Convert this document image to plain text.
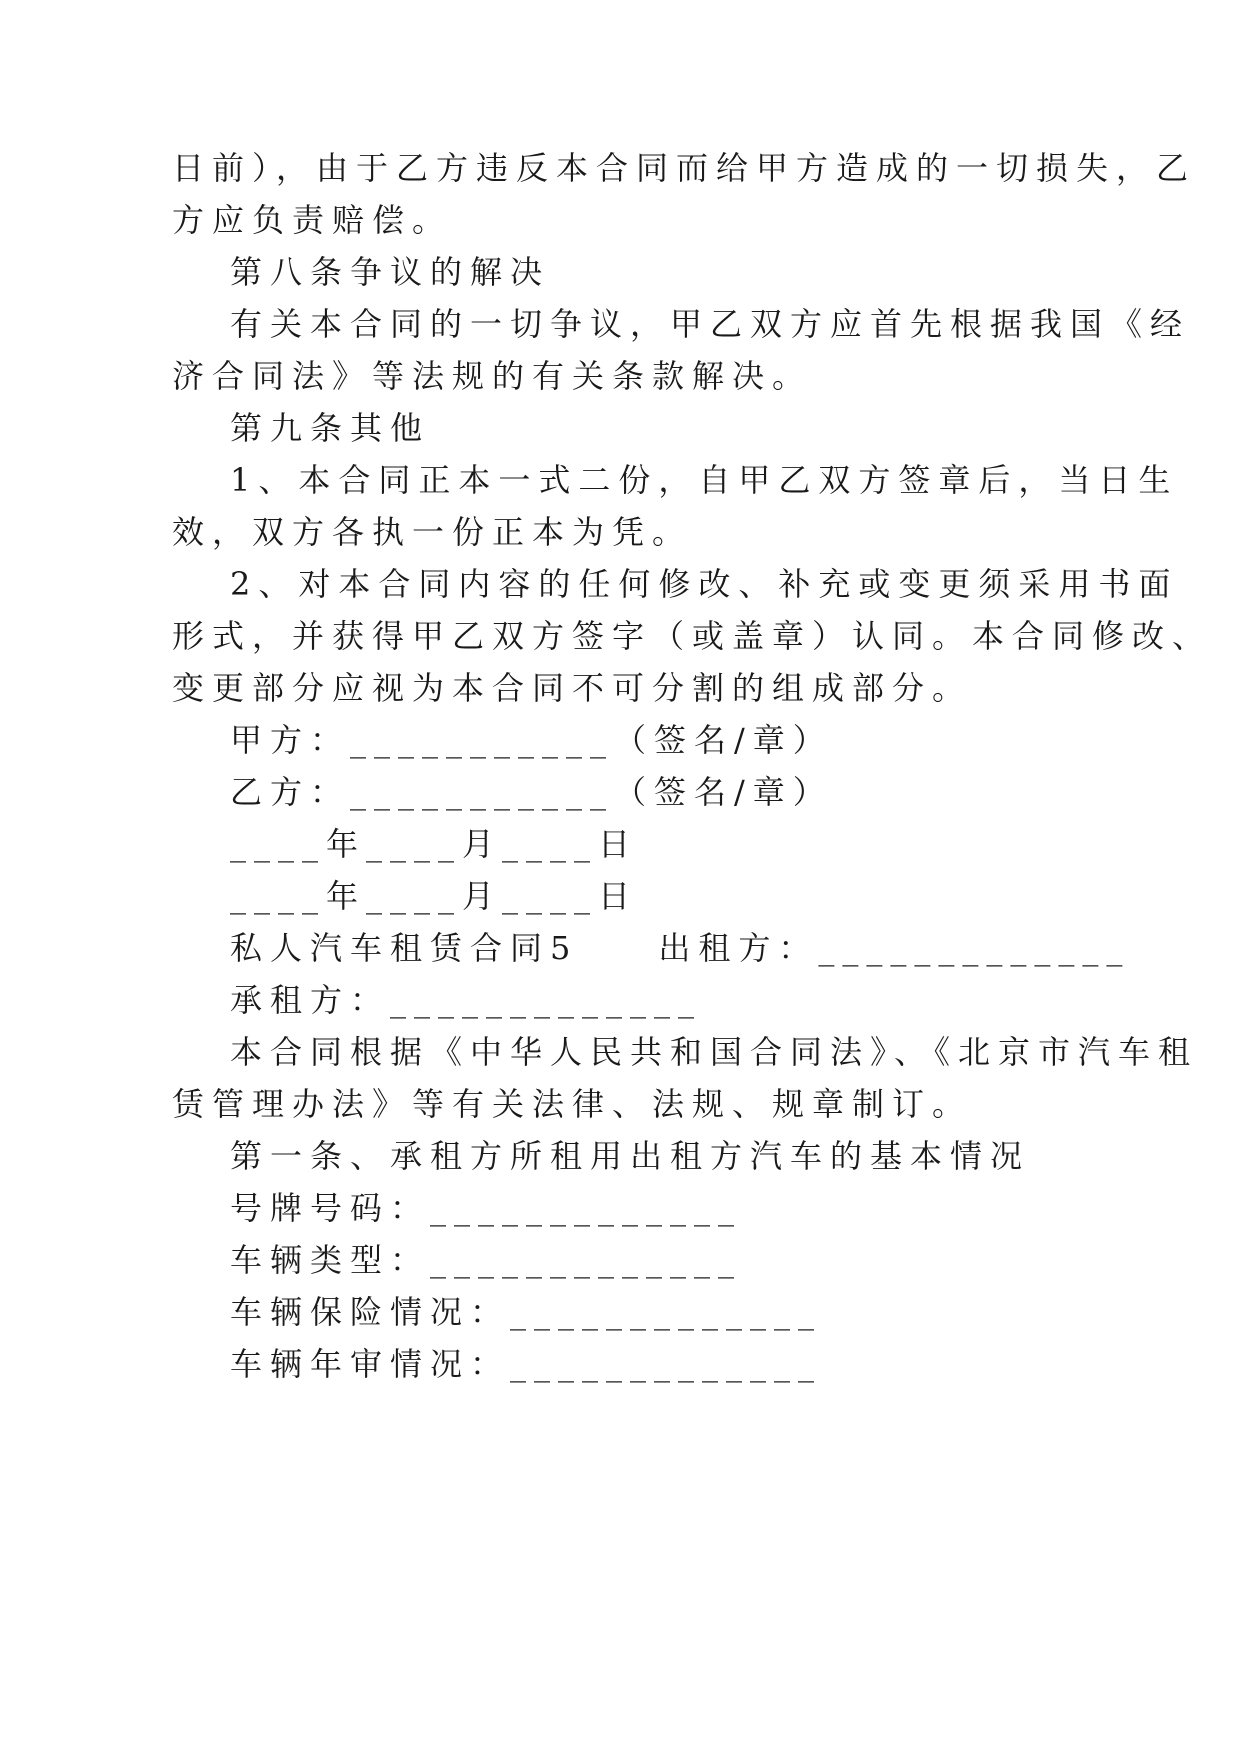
日前），由于乙方违反本合同而给甲方造成的一切损失，乙
方应负责赔偿。
第八条争议的解决
有关本合同的一切争议，甲乙双方应首先根据我国《经
济合同法》等法规的有关条款解决。
第九条其他
1、本合同正本一式二份，自甲乙双方签章后，当日生
效，双方各执一份正本为凭。
2、对本合同内容的任何修改、补充或变更须采用书面
形式，并获得甲乙双方签字（或盖章）认同。本合同修改、
变更部分应视为本合同不可分割的组成部分。
甲方：___________（签名/章）
乙方：___________（签名/章）
____年____月____日
____年____月____日
私人汽车租赁合同5　　出租方：_____________
承租方：_____________
本合同根据《中华人民共和国合同法》、《北京市汽车租
赁管理办法》等有关法律、法规、规章制订。
第一条、承租方所租用出租方汽车的基本情况
号牌号码：_____________
车辆类型：_____________
车辆保险情况：_____________
车辆年审情况：_____________
